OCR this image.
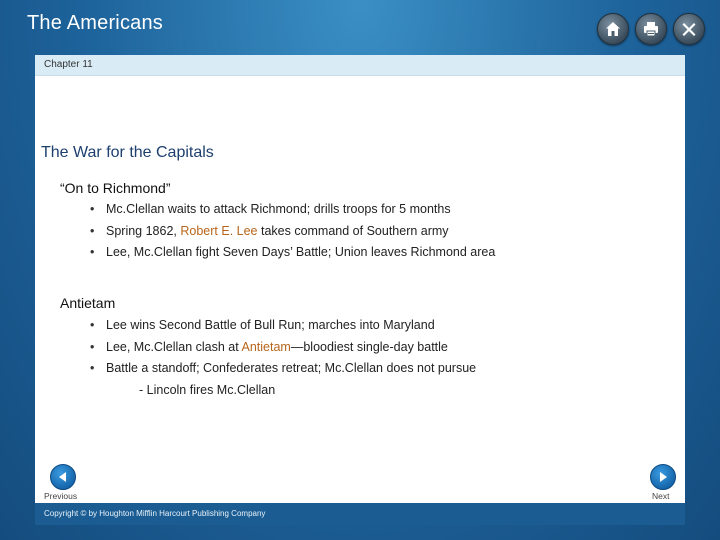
The Americans
Chapter 11
The War for the Capitals
“On to Richmond”
• Mc.Clellan waits to attack Richmond; drills troops for 5 months
• Spring 1862, Robert E. Lee takes command of Southern army
• Lee, Mc.Clellan fight Seven Days’ Battle; Union leaves Richmond area
Antietam
• Lee wins Second Battle of Bull Run; marches into Maryland
• Lee, Mc.Clellan clash at Antietam—bloodiest single-day battle
• Battle a standoff; Confederates retreat; Mc.Clellan does not pursue
- Lincoln fires Mc.Clellan
Previous	Next
Copyright © by Houghton Mifflin Harcourt Publishing Company
